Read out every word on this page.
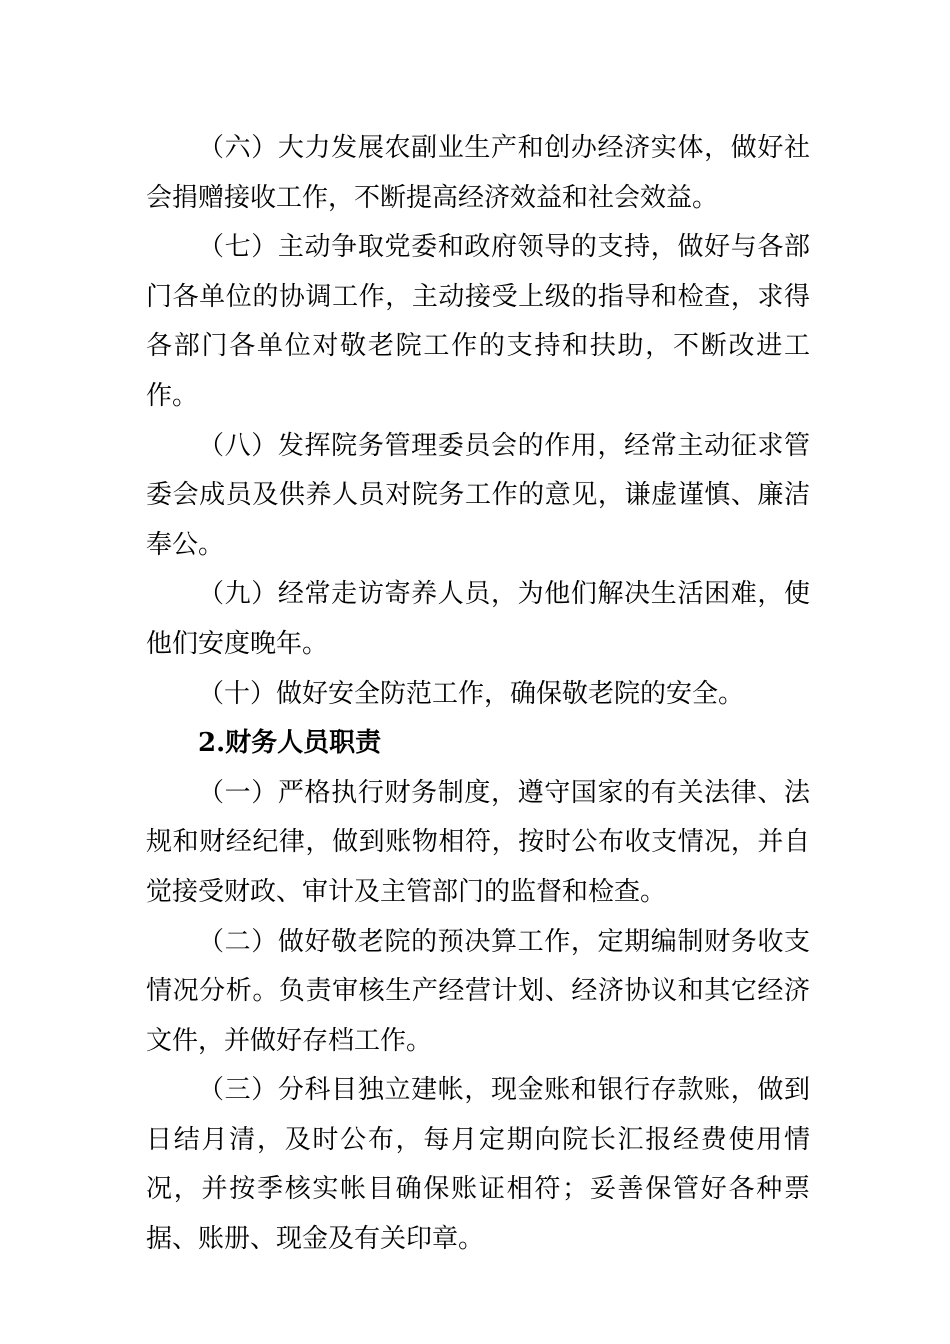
（六）大力发展农副业生产和创办经济实体，做好社会捐赠接收工作，不断提高经济效益和社会效益。

（七）主动争取党委和政府领导的支持，做好与各部门各单位的协调工作，主动接受上级的指导和检查，求得各部门各单位对敬老院工作的支持和扶助，不断改进工作。

（八）发挥院务管理委员会的作用，经常主动征求管委会成员及供养人员对院务工作的意见，谦虚谨慎、廉洁奉公。

（九）经常走访寄养人员，为他们解决生活困难，使他们安度晚年。

（十）做好安全防范工作，确保敬老院的安全。

2.财务人员职责

（一）严格执行财务制度，遵守国家的有关法律、法规和财经纪律，做到账物相符，按时公布收支情况，并自觉接受财政、审计及主管部门的监督和检查。

（二）做好敬老院的预决算工作，定期编制财务收支情况分析。负责审核生产经营计划、经济协议和其它经济文件，并做好存档工作。

（三）分科目独立建帐，现金账和银行存款账，做到日结月清，及时公布，每月定期向院长汇报经费使用情况，并按季核实帐目确保账证相符；妥善保管好各种票据、账册、现金及有关印章。
